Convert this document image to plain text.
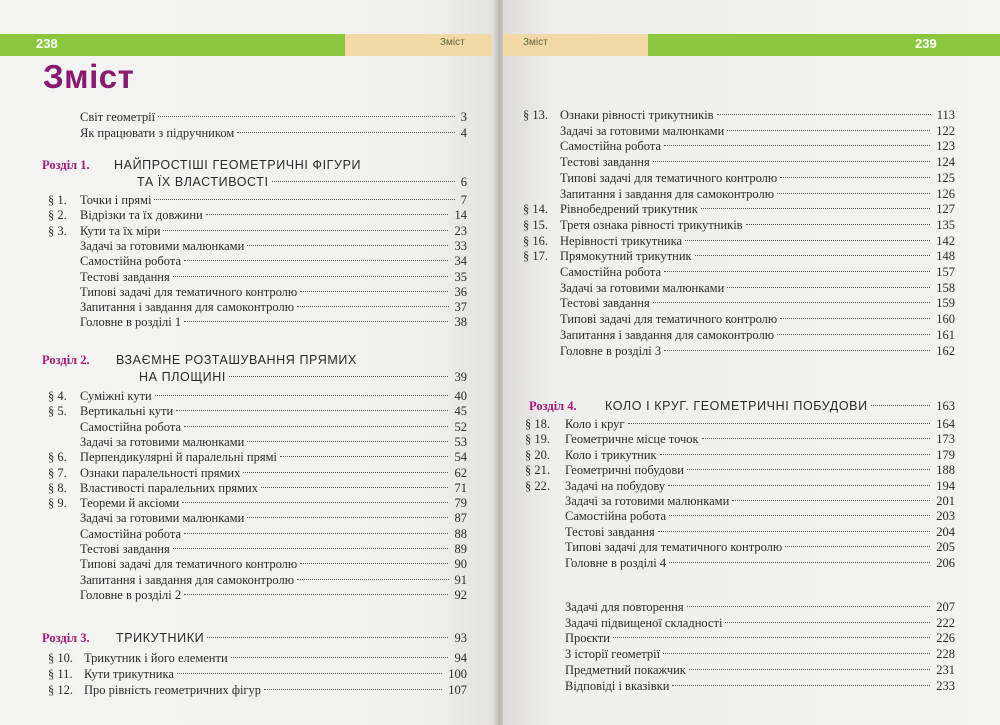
238	Зміст
Зміст
Світ геометрії	3
Як працювати з підручником	4
Розділ 1. НАЙПРОСТІШІ ГЕОМЕТРИЧНІ ФІГУРИ
ТА ЇХ ВЛАСТИВОСТІ	6
§ 1. Точки і прямі	7
§ 2. Відрізки та їх довжини	14
§ 3. Кути та їх міри	23
Задачі за готовими малюнками	33
Самостійна робота	34
Тестові завдання	35
Типові задачі для тематичного контролю	36
Запитання і завдання для самоконтролю	37
Головне в розділі 1	38
Розділ 2. ВЗАЄМНЕ РОЗТАШУВАННЯ ПРЯМИХ
НА ПЛОЩИНІ	39
§ 4. Суміжні кути	40
§ 5. Вертикальні кути	45
Самостійна робота	52
Задачі за готовими малюнками	53
§ 6. Перпендикулярні й паралельні прямі	54
§ 7. Ознаки паралельності прямих	62
§ 8. Властивості паралельних прямих	71
§ 9. Теореми й аксіоми	79
Задачі за готовими малюнками	87
Самостійна робота	88
Тестові завдання	89
Типові задачі для тематичного контролю	90
Запитання і завдання для самоконтролю	91
Головне в розділі 2	92
Розділ 3. ТРИКУТНИКИ	93
§ 10. Трикутник і його елементи	94
§ 11. Кути трикутника	100
§ 12. Про рівність геометричних фігур	107
Зміст	239
§ 13. Ознаки рівності трикутників	113
Задачі за готовими малюнками	122
Самостійна робота	123
Тестові завдання	124
Типові задачі для тематичного контролю	125
Запитання і завдання для самоконтролю	126
§ 14. Рівнобедрений трикутник	127
§ 15. Третя ознака рівності трикутників	135
§ 16. Нерівності трикутника	142
§ 17. Прямокутний трикутник	148
Самостійна робота	157
Задачі за готовими малюнками	158
Тестові завдання	159
Типові задачі для тематичного контролю	160
Запитання і завдання для самоконтролю	161
Головне в розділі 3	162
Розділ 4. КОЛО І КРУГ. ГЕОМЕТРИЧНІ ПОБУДОВИ	163
§ 18. Коло і круг	164
§ 19. Геометричне місце точок	173
§ 20. Коло і трикутник	179
§ 21. Геометричні побудови	188
§ 22. Задачі на побудову	194
Задачі за готовими малюнками	201
Самостійна робота	203
Тестові завдання	204
Типові задачі для тематичного контролю	205
Головне в розділі 4	206
Задачі для повторення	207
Задачі підвищеної складності	222
Проєкти	226
З історії геометрії	228
Предметний покажчик	231
Відповіді і вказівки	233
